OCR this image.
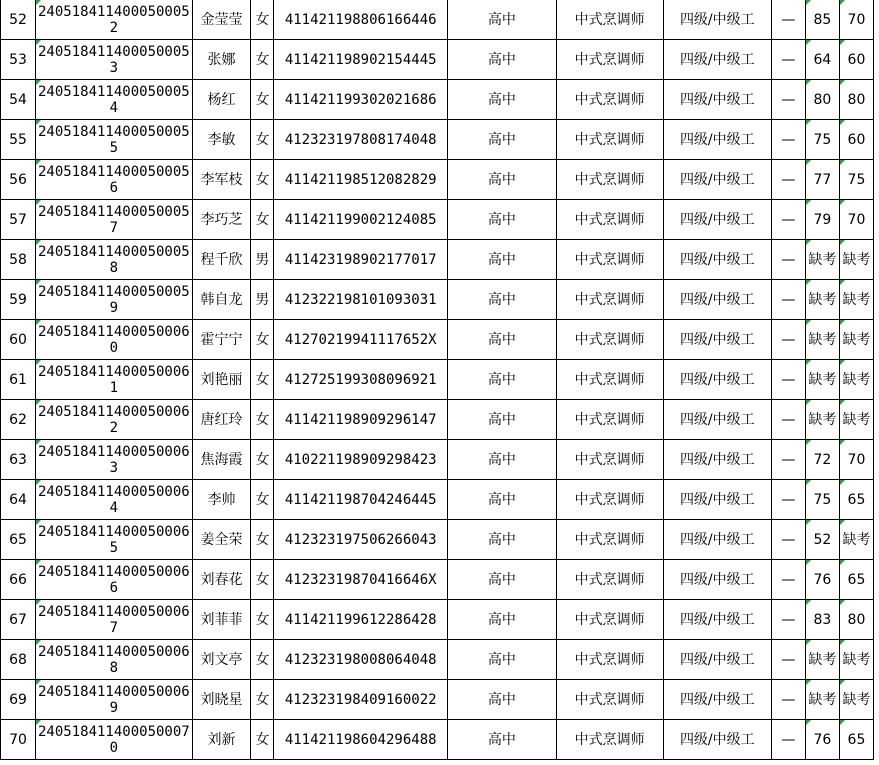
52	2405184114000500052	金莹莹	女	411421198806166446	高中	中式烹调师	四级/中级工	—	85	70
53	2405184114000500053	张娜	女	411421198902154445	高中	中式烹调师	四级/中级工	—	64	60
54	2405184114000500054	杨红	女	411421199302021686	高中	中式烹调师	四级/中级工	—	80	80
55	2405184114000500055	李敏	女	412323197808174048	高中	中式烹调师	四级/中级工	—	75	60
56	2405184114000500056	李军枝	女	411421198512082829	高中	中式烹调师	四级/中级工	—	77	75
57	2405184114000500057	李巧芝	女	411421199002124085	高中	中式烹调师	四级/中级工	—	79	70
58	2405184114000500058	程千欣	男	411423198902177017	高中	中式烹调师	四级/中级工	—	缺考	缺考
59	2405184114000500059	韩自龙	男	412322198101093031	高中	中式烹调师	四级/中级工	—	缺考	缺考
60	2405184114000500060	霍宁宁	女	41270219941117652X	高中	中式烹调师	四级/中级工	—	缺考	缺考
61	2405184114000500061	刘艳丽	女	412725199308096921	高中	中式烹调师	四级/中级工	—	缺考	缺考
62	2405184114000500062	唐红玲	女	411421198909296147	高中	中式烹调师	四级/中级工	—	缺考	缺考
63	2405184114000500063	焦海霞	女	410221198909298423	高中	中式烹调师	四级/中级工	—	72	70
64	2405184114000500064	李帅	女	411421198704246445	高中	中式烹调师	四级/中级工	—	75	65
65	2405184114000500065	姜全荣	女	412323197506266043	高中	中式烹调师	四级/中级工	—	52	缺考
66	2405184114000500066	刘春花	女	41232319870416646X	高中	中式烹调师	四级/中级工	—	76	65
67	2405184114000500067	刘菲菲	女	411421199612286428	高中	中式烹调师	四级/中级工	—	83	80
68	2405184114000500068	刘文亭	女	412323198008064048	高中	中式烹调师	四级/中级工	—	缺考	缺考
69	2405184114000500069	刘晓星	女	412323198409160022	高中	中式烹调师	四级/中级工	—	缺考	缺考
70	2405184114000500070	刘新	女	411421198604296488	高中	中式烹调师	四级/中级工	—	76	65
